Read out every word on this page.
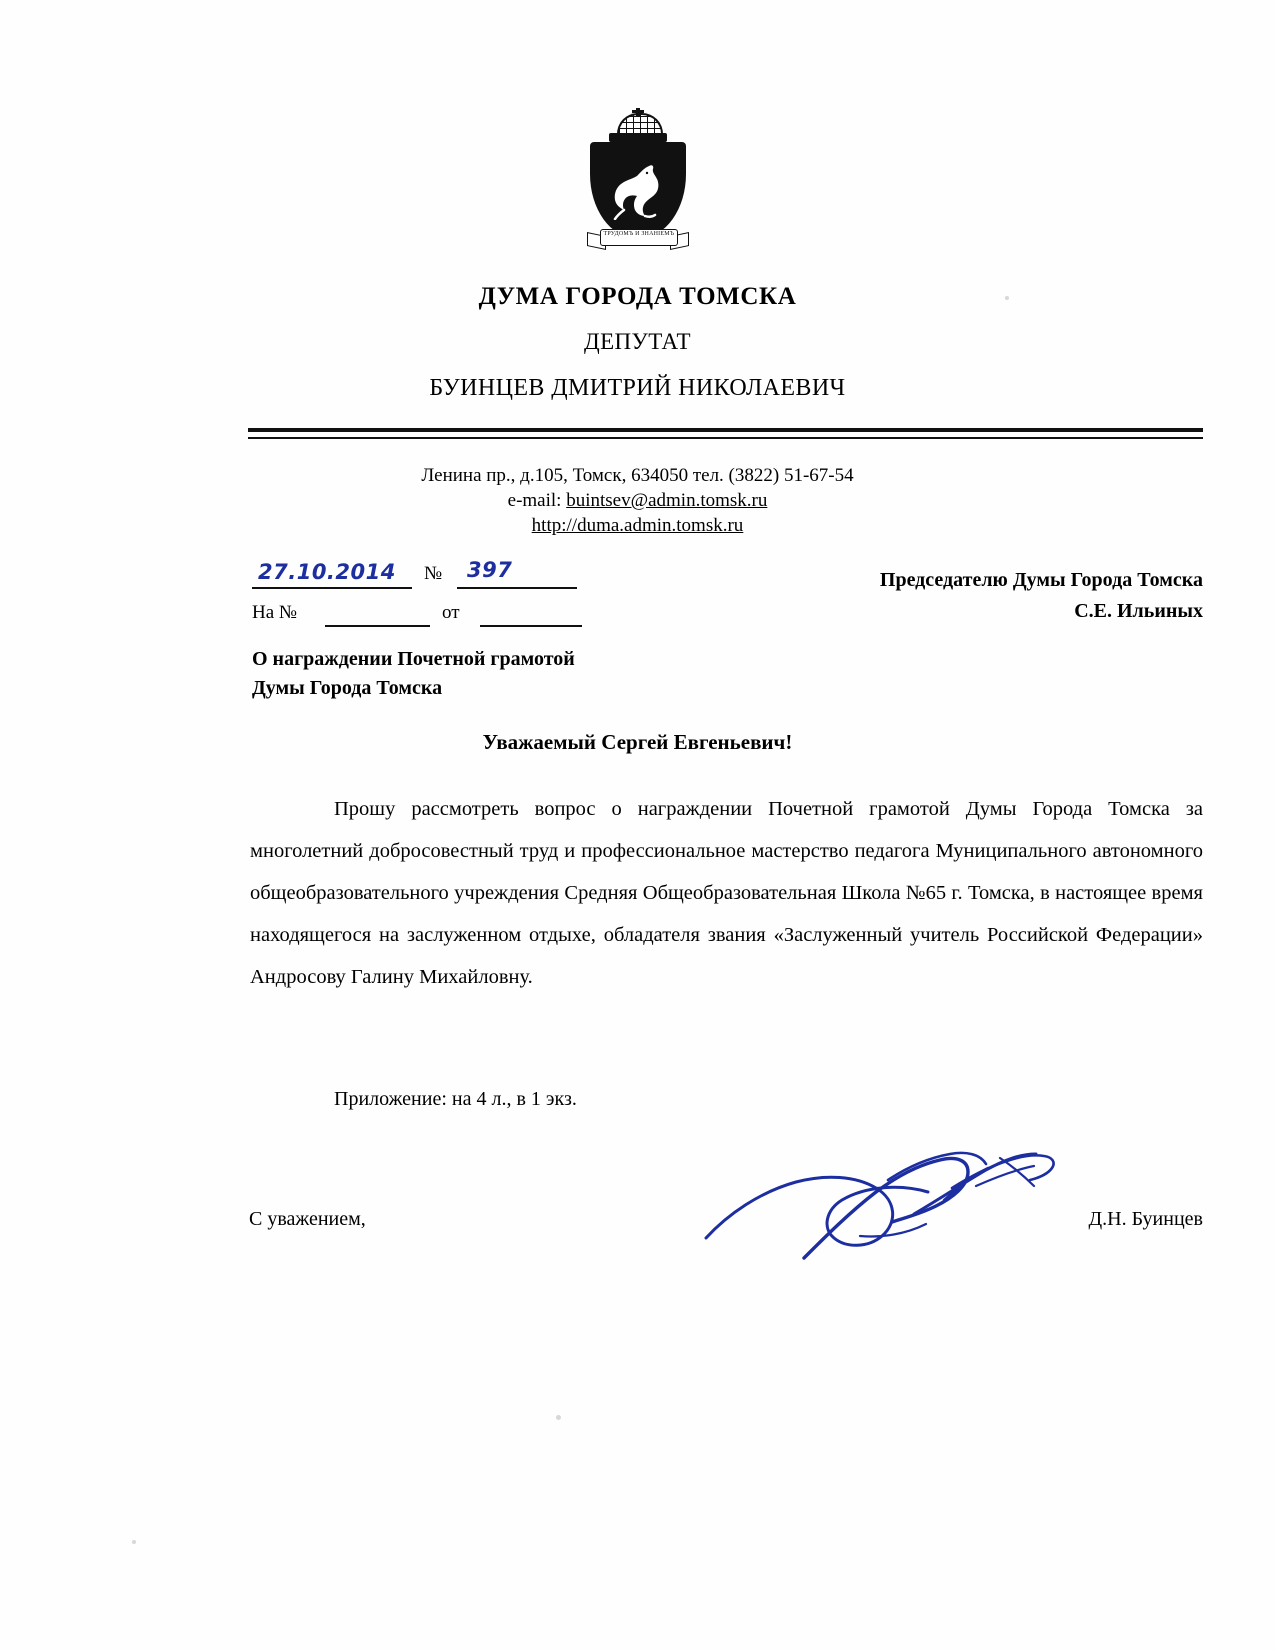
ТРУДОМЪ И ЗНАНІЕМЪ
ДУМА ГОРОДА ТОМСКА
ДЕПУТАТ
БУИНЦЕВ ДМИТРИЙ НИКОЛАЕВИЧ
Ленина пр., д.105, Томск, 634050 тел. (3822) 51-67-54
e-mail: buintsev@admin.tomsk.ru
http://duma.admin.tomsk.ru
27.10.2014 № 397
На №	от
Председателю Думы Города Томска
С.Е. Ильиных
О награждении Почетной грамотой
Думы Города Томска
Уважаемый Сергей Евгеньевич!
Прошу рассмотреть вопрос о награждении Почетной грамотой Думы Города Томска за многолетний добросовестный труд и профессиональное мастерство педагога Муниципального автономного общеобразовательного учреждения Средняя Общеобразовательная Школа №65 г. Томска, в настоящее время находящегося на заслуженном отдыхе, обладателя звания «Заслуженный учитель Российской Федерации» Андросову Галину Михайловну.
Приложение: на 4 л., в 1 экз.
С уважением,	Д.Н. Буинцев
